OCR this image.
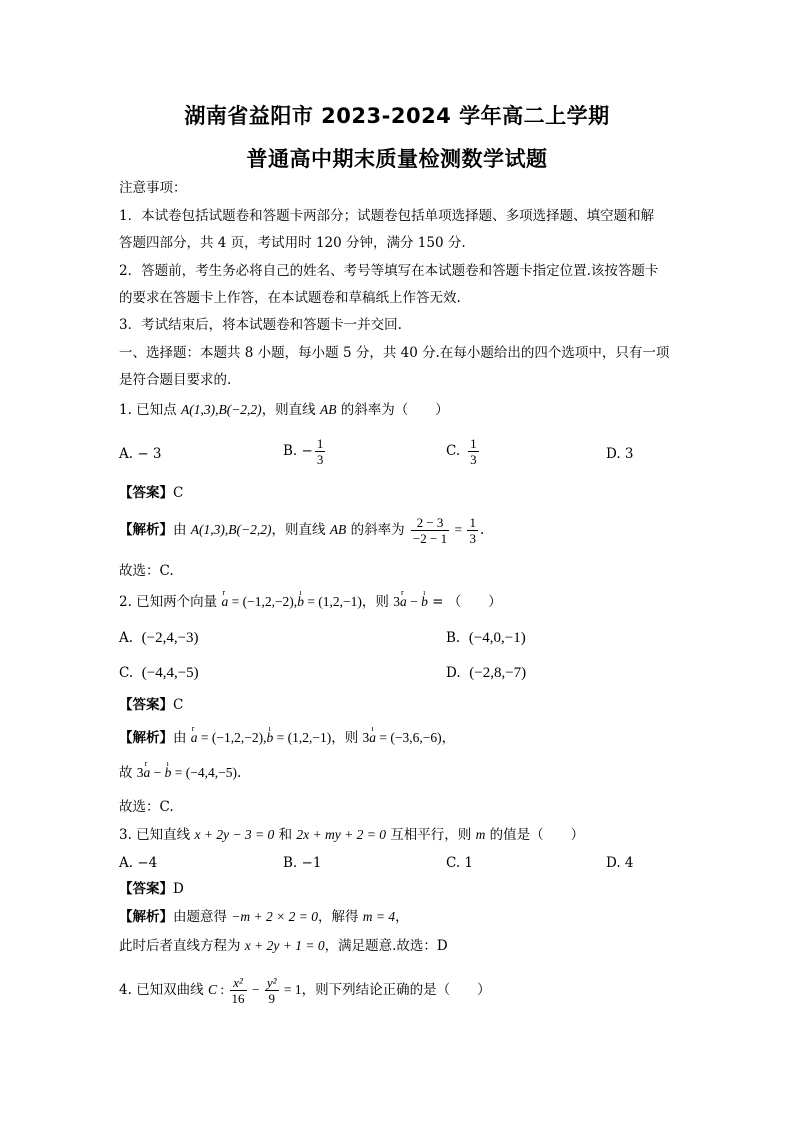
湖南省益阳市 2023-2024 学年高二上学期
普通高中期末质量检测数学试题
注意事项：
1．本试卷包括试题卷和答题卡两部分；试题卷包括单项选择题、多项选择题、填空题和解
答题四部分，共 4 页，考试用时 120 分钟，满分 150 分.
2．答题前，考生务必将自己的姓名、考号等填写在本试题卷和答题卡指定位置.该按答题卡
的要求在答题卡上作答，在本试题卷和草稿纸上作答无效.
3．考试结束后，将本试题卷和答题卡一并交回.
一、选择题：本题共 8 小题，每小题 5 分，共 40 分.在每小题给出的四个选项中，只有一项
是符合题目要求的.
1. 已知点 A(1,3),B(−2,2)，则直线 AB 的斜率为（　　）
A. − 3	B. − $\frac{1}{3}$	C. $\frac{1}{3}$	D. 3
【答案】C
【解析】由 A(1,3),B(−2,2)，则直线 AB 的斜率为 $\frac{2 - 3}{-2 - 1} = \frac{1}{3}$ .
故选：C.
2. 已知两个向量 r a = (−1,2,−2),ı b = (1,2,−1)，则 3r a − ı b = （　　）
A. (−2,4,−3)	B. (−4,0,−1)
C. (−4,4,−5)	D. (−2,8,−7)
【答案】C
【解析】由 r a = (−1,2,−2),ı b = (1,2,−1)，则 3ı a = (−3,6,−6)，
故 3r a − ı b = (−4,4,−5).
故选：C.
3. 已知直线 x + 2y − 3 = 0 和 2x + my + 2 = 0 互相平行，则 m 的值是（　　）
A. −4	B. −1	C. 1	D. 4
【答案】D
【解析】由题意得 −m + 2 × 2 = 0，解得 m = 4，
此时后者直线方程为 x + 2y + 1 = 0，满足题意.故选：D
4. 已知双曲线 C : $\frac{\text{x²}}{16} - \frac{\text{y²}}{9} = 1$，则下列结论正确的是（　　）
